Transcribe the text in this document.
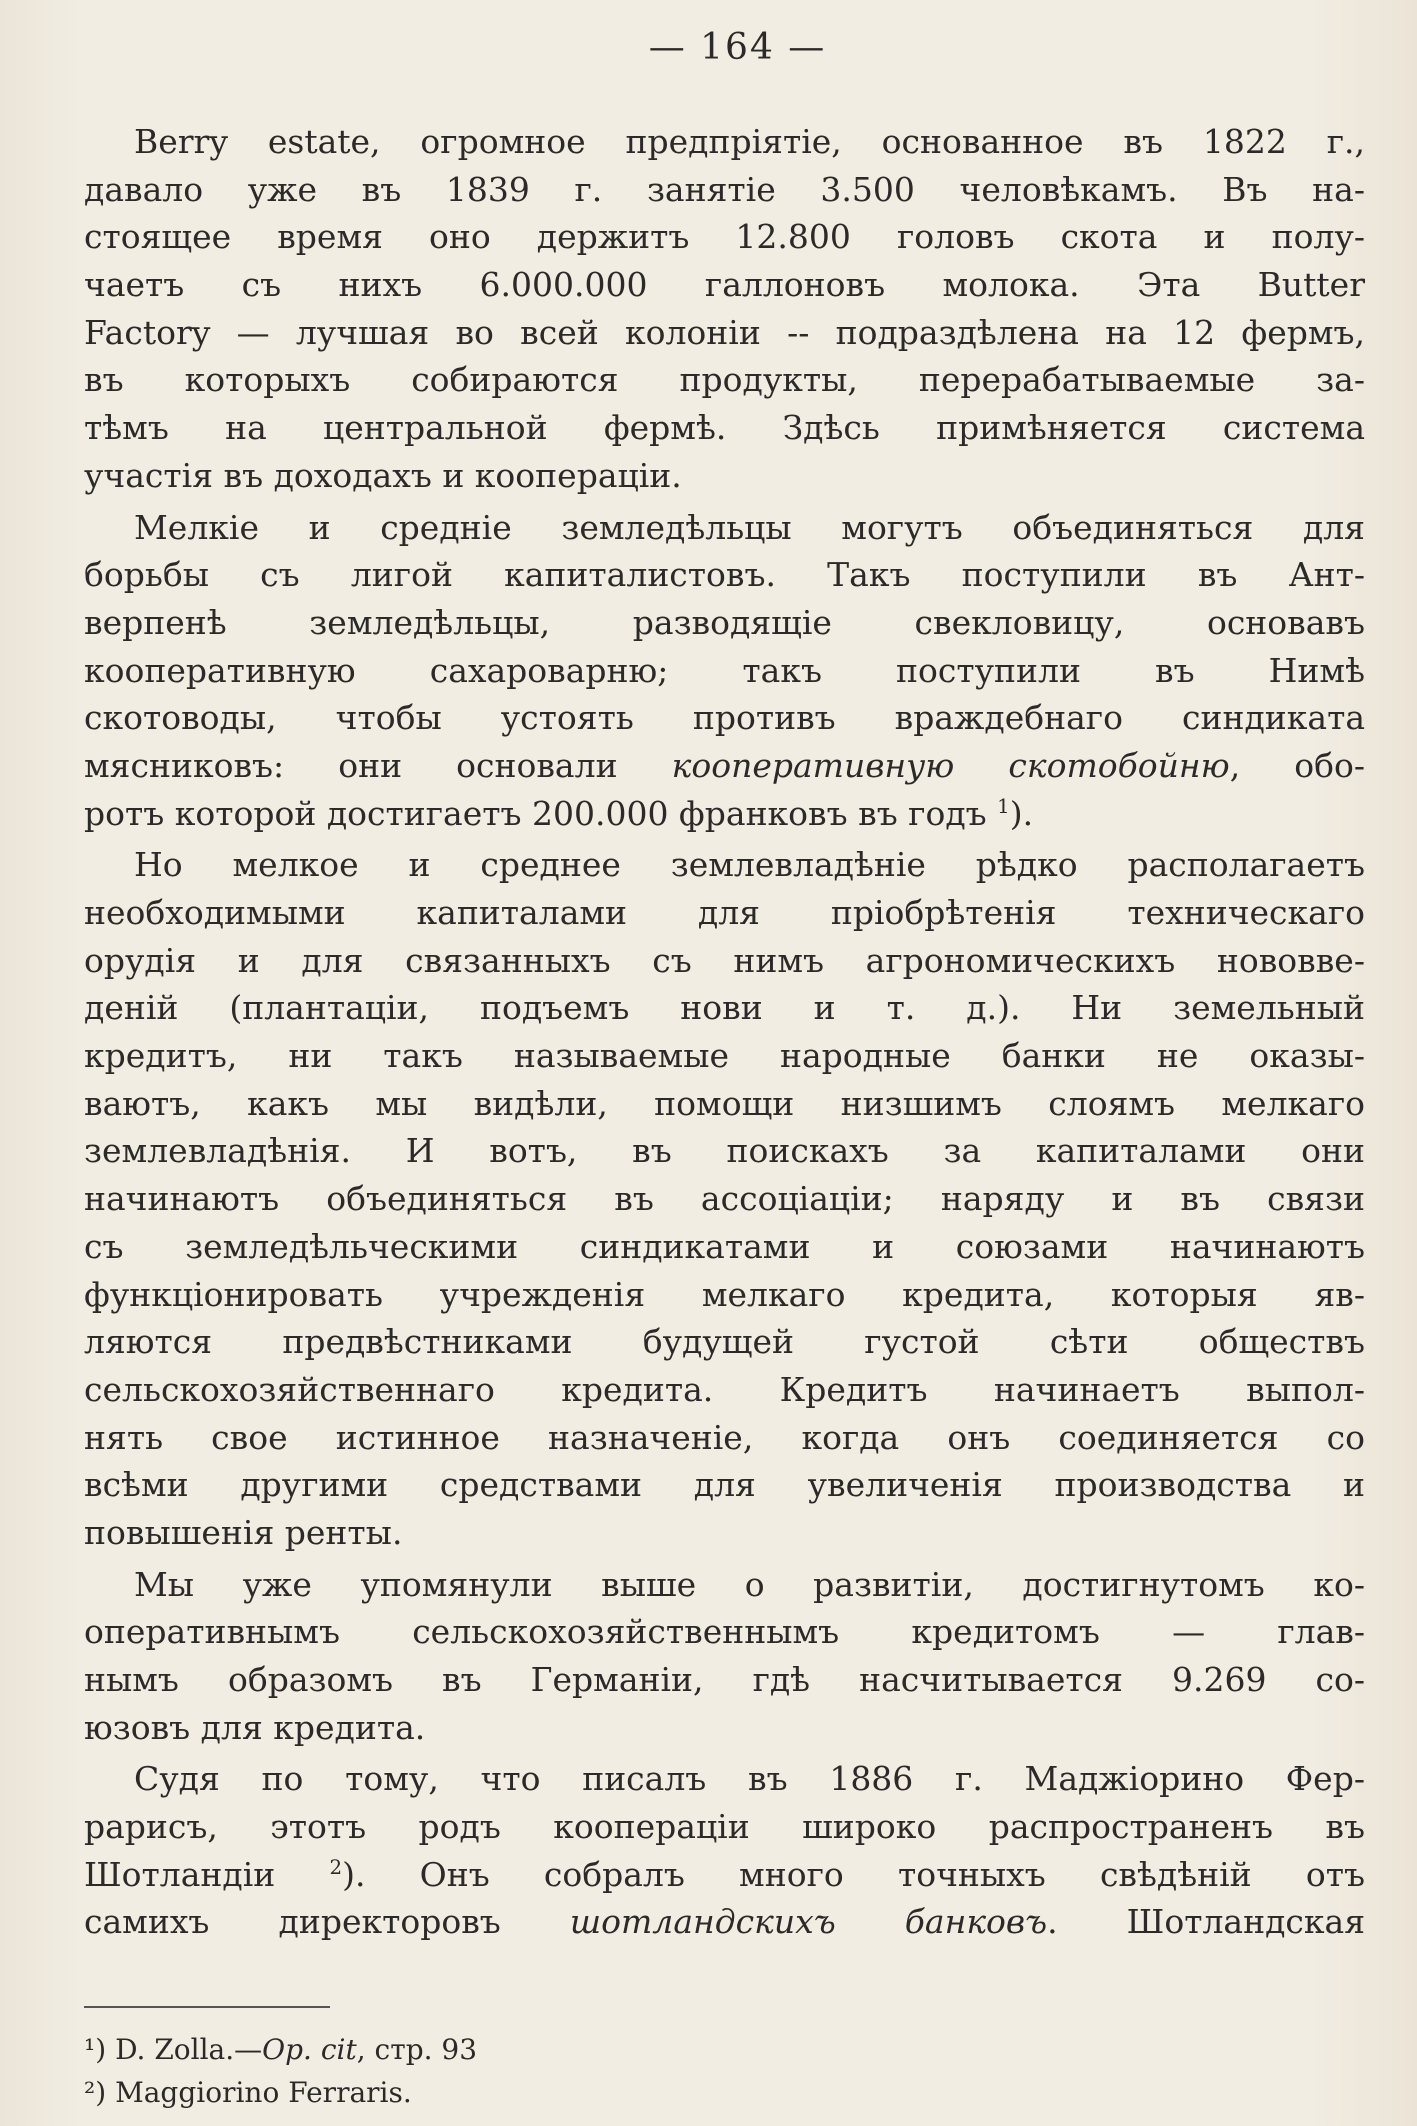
— 164 —
Berry estate, огромное предпріятіе, основанное въ 1822 г.,
давало уже въ 1839 г. занятіе 3.500 человѣкамъ. Въ на-
стоящее время оно держитъ 12.800 головъ скота и полу-
чаетъ съ нихъ 6.000.000 галлоновъ молока. Эта Butter
Factory — лучшая во всей колоніи -- подраздѣлена на 12 фермъ,
въ которыхъ собираются продукты, перерабатываемые за-
тѣмъ на центральной фермѣ. Здѣсь примѣняется система
участія въ доходахъ и коопераціи.
Мелкіе и средніе земледѣльцы могутъ объединяться для
борьбы съ лигой капиталистовъ. Такъ поступили въ Ант-
верпенѣ земледѣльцы, разводящіе свекловицу, основавъ
кооперативную сахароварню; такъ поступили въ Нимѣ
скотоводы, чтобы устоять противъ враждебнаго синдиката
мясниковъ: они основали кооперативную скотобойню, обо-
ротъ которой достигаетъ 200.000 франковъ въ годъ $^1$).
Но мелкое и среднее землевладѣніе рѣдко располагаетъ
необходимыми капиталами для пріобрѣтенія техническаго
орудія и для связанныхъ съ нимъ агрономическихъ нововве-
деній (плантаціи, подъемъ нови и т. д.). Ни земельный
кредитъ, ни такъ называемые народные банки не оказы-
ваютъ, какъ мы видѣли, помощи низшимъ слоямъ мелкаго
землевладѣнія. И вотъ, въ поискахъ за капиталами они
начинаютъ объединяться въ ассоціаціи; наряду и въ связи
съ земледѣльческими синдикатами и союзами начинаютъ
функціонировать учрежденія мелкаго кредита, которыя яв-
ляются предвѣстниками будущей густой сѣти обществъ
сельскохозяйственнаго кредита. Кредитъ начинаетъ выпол-
нять свое истинное назначеніе, когда онъ соединяется со
всѣми другими средствами для увеличенія производства и
повышенія ренты.
Мы уже упомянули выше о развитіи, достигнутомъ ко-
оперативнымъ сельскохозяйственнымъ кредитомъ — глав-
нымъ образомъ въ Германіи, гдѣ насчитывается 9.269 со-
юзовъ для кредита.
Судя по тому, что писалъ въ 1886 г. Маджіорино Фер-
рарисъ, этотъ родъ коопераціи широко распространенъ въ
Шотландіи	$^2$). Онъ собралъ много точныхъ свѣдѣній отъ
самихъ директоровъ шотландскихъ банковъ. Шотландская
¹) D. Zolla.—Op. cit, стр. 93
²) Maggiorino Ferraris.
